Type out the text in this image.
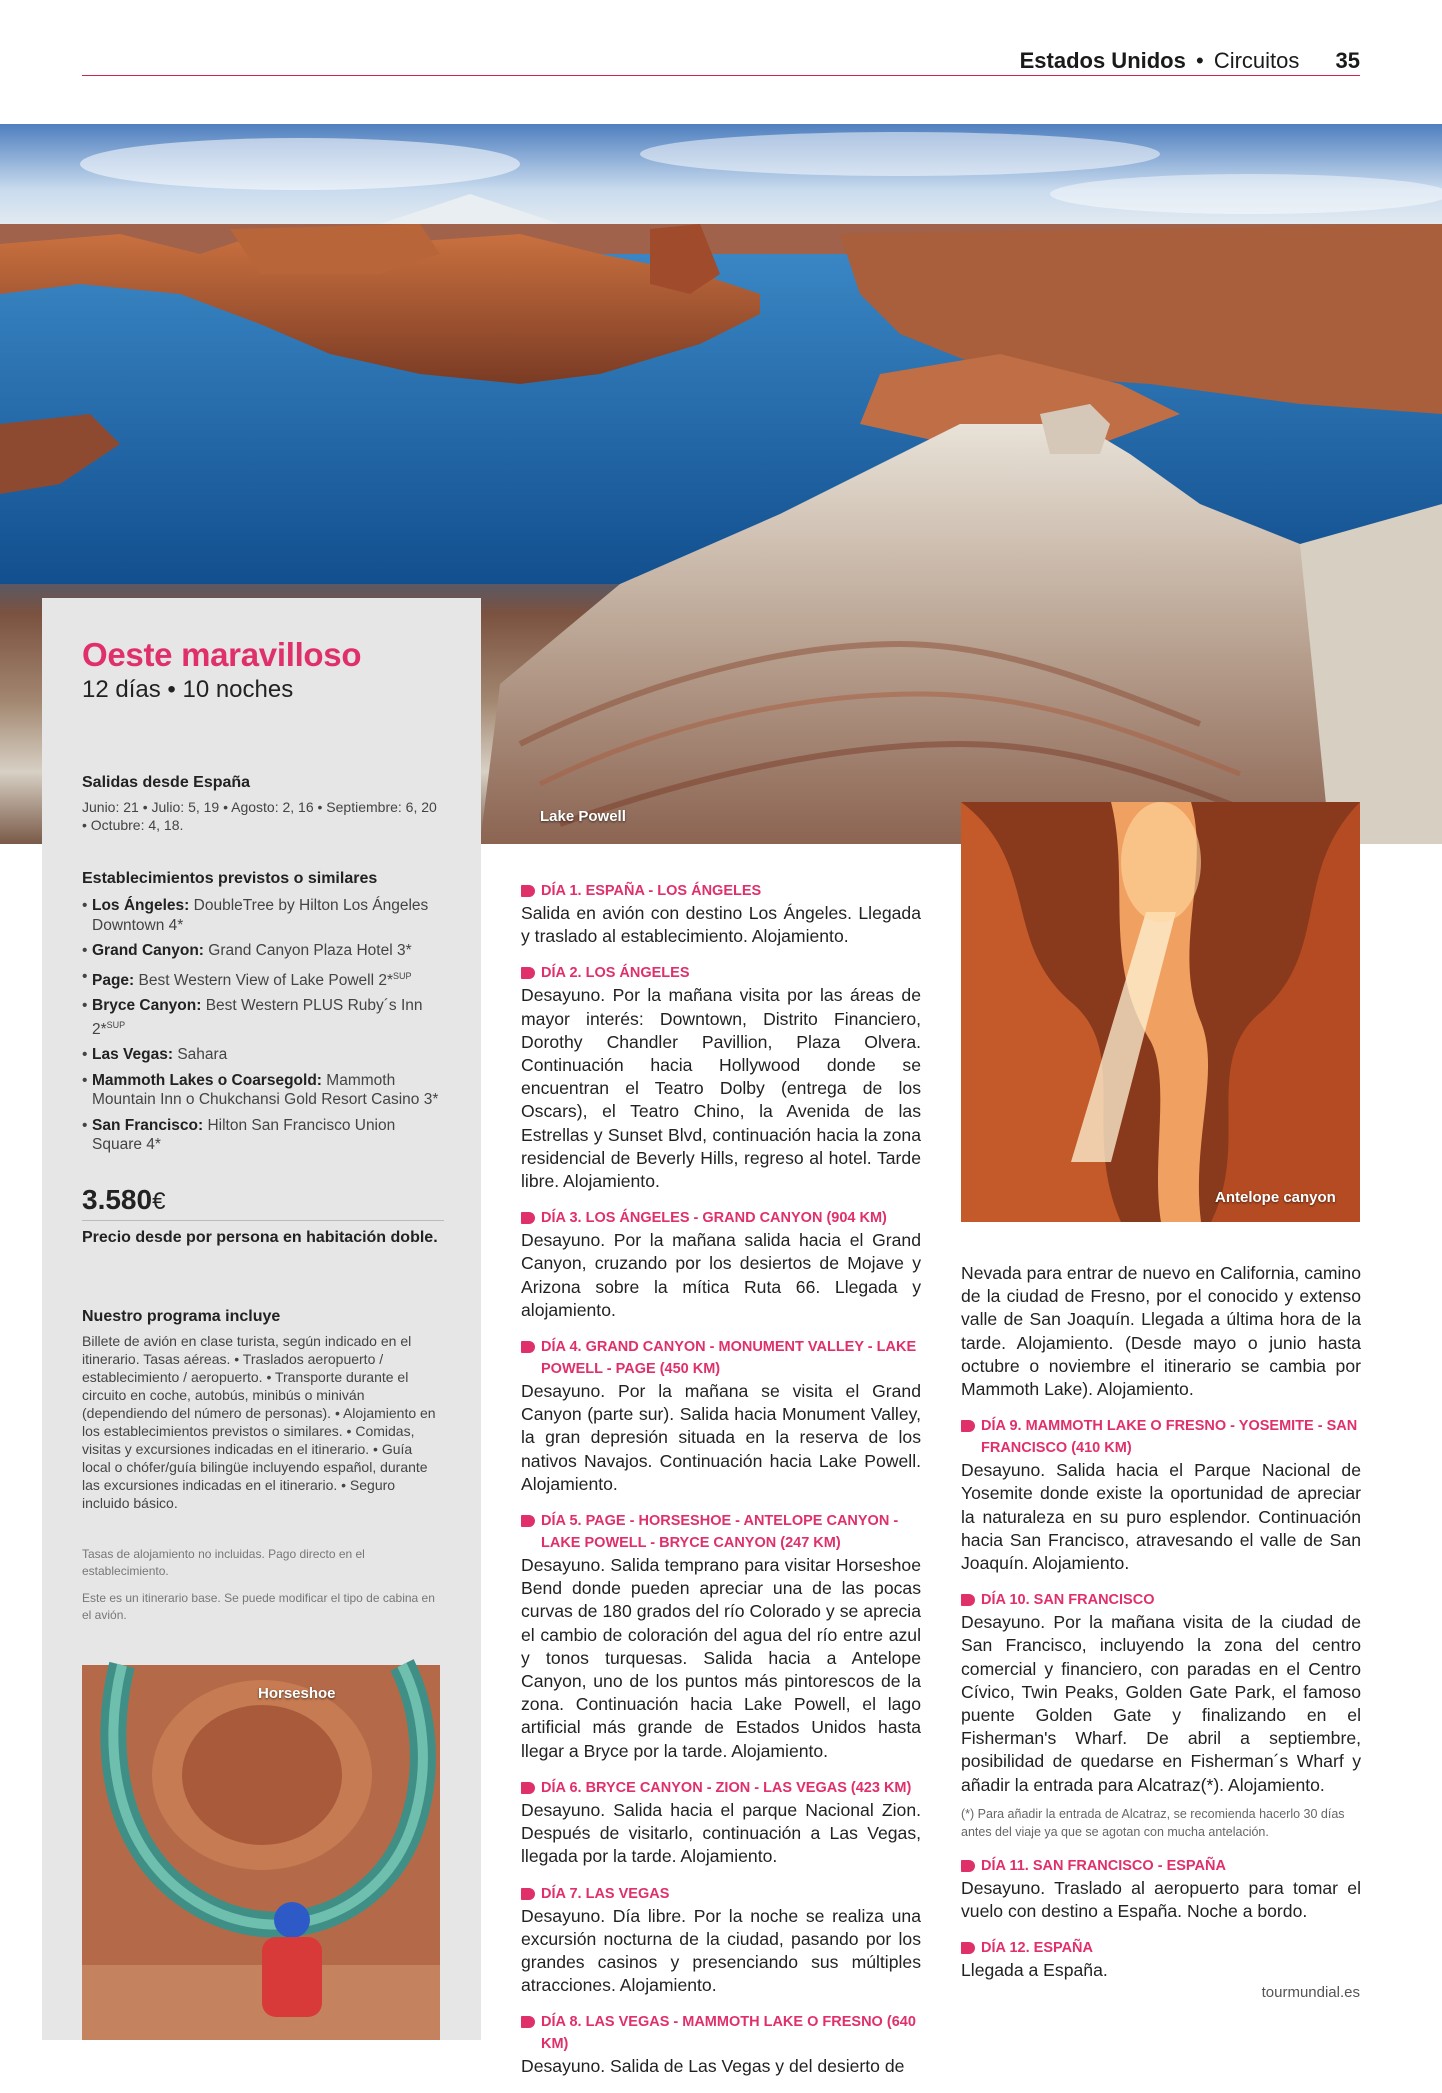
Estados Unidos • Circuitos 35
Lake Powell
Oeste maravilloso
12 días • 10 noches
Salidas desde España
Junio: 21 • Julio: 5, 19 • Agosto: 2, 16 • Septiembre: 6, 20 • Octubre: 4, 18.
Establecimientos previstos o similares
• Los Ángeles: DoubleTree by Hilton Los Ángeles Downtown 4*
• Grand Canyon: Grand Canyon Plaza Hotel 3*
• Page: Best Western View of Lake Powell 2*$^{SUP}$
• Bryce Canyon: Best Western PLUS Ruby´s Inn 2*$^{SUP}$
• Las Vegas: Sahara
• Mammoth Lakes o Coarsegold: Mammoth Mountain Inn o Chukchansi Gold Resort Casino 3*
• San Francisco: Hilton San Francisco Union Square 4*
3.580€
Precio desde por persona en habitación doble.
Nuestro programa incluye
Billete de avión en clase turista, según indicado en el itinerario. Tasas aéreas. • Traslados aeropuerto / establecimiento / aeropuerto. • Transporte durante el circuito en coche, autobús, minibús o miniván (dependiendo del número de personas). • Alojamiento en los establecimientos previstos o similares. • Comidas, visitas y excursiones indicadas en el itinerario. • Guía local o chófer/guía bilingüe incluyendo español, durante las excursiones indicadas en el itinerario. • Seguro incluido básico.
Tasas de alojamiento no incluidas. Pago directo en el establecimiento.
Este es un itinerario base. Se puede modificar el tipo de cabina en el avión.
Horseshoe
Antelope canyon
DÍA 1. ESPAÑA - LOS ÁNGELES
Salida en avión con destino Los Ángeles. Llegada y traslado al establecimiento. Alojamiento.
DÍA 2. LOS ÁNGELES
Desayuno. Por la mañana visita por las áreas de mayor interés: Downtown, Distrito Financiero, Dorothy Chandler Pavillion, Plaza Olvera. Continuación hacia Hollywood donde se encuentran el Teatro Dolby (entrega de los Oscars), el Teatro Chino, la Avenida de las Estrellas y Sunset Blvd, continuación hacia la zona residencial de Beverly Hills, regreso al hotel. Tarde libre. Alojamiento.
DÍA 3. LOS ÁNGELES - GRAND CANYON (904 KM)
Desayuno. Por la mañana salida hacia el Grand Canyon, cruzando por los desiertos de Mojave y Arizona sobre la mítica Ruta 66. Llegada y alojamiento.
DÍA 4. GRAND CANYON - MONUMENT VALLEY - LAKE POWELL - PAGE (450 KM)
Desayuno. Por la mañana se visita el Grand Canyon (parte sur). Salida hacia Monument Valley, la gran depresión situada en la reserva de los nativos Navajos. Continuación hacia Lake Powell. Alojamiento.
DÍA 5. PAGE - HORSESHOE - ANTELOPE CANYON - LAKE POWELL - BRYCE CANYON (247 KM)
Desayuno. Salida temprano para visitar Horseshoe Bend donde pueden apreciar una de las pocas curvas de 180 grados del río Colorado y se aprecia el cambio de coloración del agua del río entre azul y tonos turquesas. Salida hacia a Antelope Canyon, uno de los puntos más pintorescos de la zona. Continuación hacia Lake Powell, el lago artificial más grande de Estados Unidos hasta llegar a Bryce por la tarde. Alojamiento.
DÍA 6. BRYCE CANYON - ZION - LAS VEGAS (423 KM)
Desayuno. Salida hacia el parque Nacional Zion. Después de visitarlo, continuación a Las Vegas, llegada por la tarde. Alojamiento.
DÍA 7. LAS VEGAS
Desayuno. Día libre. Por la noche se realiza una excursión nocturna de la ciudad, pasando por los grandes casinos y presenciando sus múltiples atracciones. Alojamiento.
DÍA 8. LAS VEGAS - MAMMOTH LAKE O FRESNO (640 KM)
Desayuno. Salida de Las Vegas y del desierto de
Nevada para entrar de nuevo en California, camino de la ciudad de Fresno, por el conocido y extenso valle de San Joaquín. Llegada a última hora de la tarde. Alojamiento. (Desde mayo o junio hasta octubre o noviembre el itinerario se cambia por Mammoth Lake). Alojamiento.
DÍA 9. MAMMOTH LAKE O FRESNO - YOSEMITE - SAN FRANCISCO (410 KM)
Desayuno. Salida hacia el Parque Nacional de Yosemite donde existe la oportunidad de apreciar la naturaleza en su puro esplendor. Continuación hacia San Francisco, atravesando el valle de San Joaquín. Alojamiento.
DÍA 10. SAN FRANCISCO
Desayuno. Por la mañana visita de la ciudad de San Francisco, incluyendo la zona del centro comercial y financiero, con paradas en el Centro Cívico, Twin Peaks, Golden Gate Park, el famoso puente Golden Gate y finalizando en el Fisherman's Wharf. De abril a septiembre, posibilidad de quedarse en Fisherman´s Wharf y añadir la entrada para Alcatraz(*). Alojamiento.
(*) Para añadir la entrada de Alcatraz, se recomienda hacerlo 30 días antes del viaje ya que se agotan con mucha antelación.
DÍA 11. SAN FRANCISCO - ESPAÑA
Desayuno. Traslado al aeropuerto para tomar el vuelo con destino a España. Noche a bordo.
DÍA 12. ESPAÑA
Llegada a España.
tourmundial.es
